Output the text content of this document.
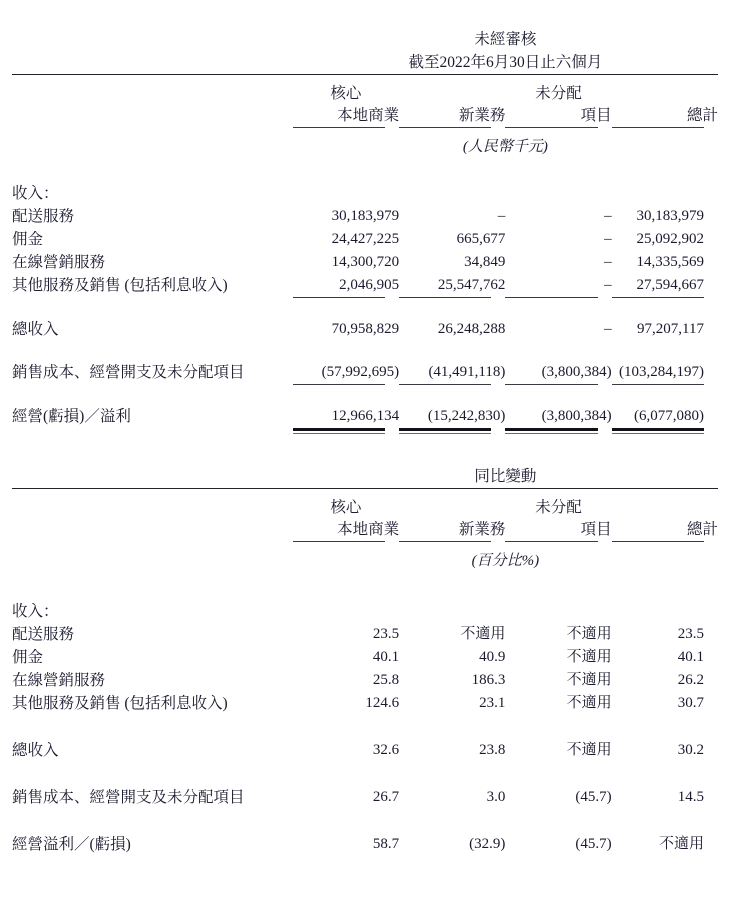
	未經審核			
	截至2022年6月30日止六個月			

	核心		未分配	
	本地商業	新業務	項目	總計

	(人民幣千元)			

收入：				
配送服務	30,183,979	–	–	30,183,979
佣金	24,427,225	665,677	–	25,092,902
在線營銷服務	14,300,720	34,849	–	14,335,569
其他服務及銷售 (包括利息收入)	2,046,905	25,547,762	–	27,594,667

總收入	70,958,829	26,248,288	–	97,207,117

銷售成本、經營開支及未分配項目	(57,992,695)	(41,491,118)	(3,800,384)	(103,284,197)

經營(虧損)／溢利	12,966,134	(15,242,830)	(3,800,384)	(6,077,080)

	同比變動			

	核心		未分配	
	本地商業	新業務	項目	總計

	(百分比%)			

收入：				
配送服務	23.5	不適用	不適用	23.5
佣金	40.1	40.9	不適用	40.1
在線營銷服務	25.8	186.3	不適用	26.2
其他服務及銷售 (包括利息收入)	124.6	23.1	不適用	30.7

總收入	32.6	23.8	不適用	30.2

銷售成本、經營開支及未分配項目	26.7	3.0	(45.7)	14.5

經營溢利／(虧損)	58.7	(32.9)	(45.7)	不適用
